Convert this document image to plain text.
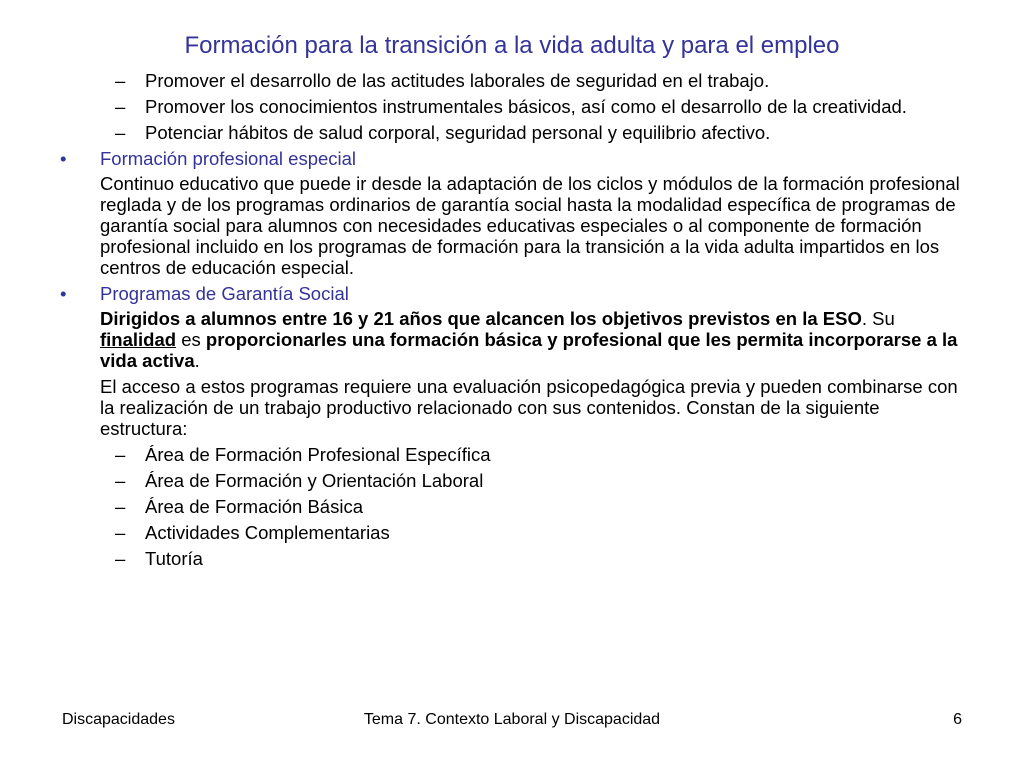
Formación para la transición a la vida adulta y para el empleo
– Promover el desarrollo de las actitudes laborales de seguridad en el trabajo.
– Promover los conocimientos instrumentales básicos, así como el desarrollo de la creatividad.
– Potenciar hábitos de salud corporal, seguridad personal y equilibrio afectivo.
• Formación profesional especial
Continuo educativo que puede ir desde la adaptación de los ciclos y módulos de la formación profesional reglada y de los programas ordinarios de garantía social hasta la modalidad específica de programas de garantía social para alumnos con necesidades educativas especiales o al componente de formación profesional incluido en los programas de formación para la transición a la vida adulta impartidos en los centros de educación especial.
• Programas de Garantía Social
Dirigidos a alumnos entre 16 y 21 años que alcancen los objetivos previstos en la ESO. Su finalidad es proporcionarles una formación básica y profesional que les permita incorporarse a la vida activa.
El acceso a estos programas requiere una evaluación psicopedagógica previa y pueden combinarse con la realización de un trabajo productivo relacionado con sus contenidos. Constan de la siguiente estructura:
– Área de Formación Profesional Específica
– Área de Formación y Orientación Laboral
– Área de Formación Básica
– Actividades Complementarias
– Tutoría
Discapacidades	Tema 7. Contexto Laboral y Discapacidad	6
